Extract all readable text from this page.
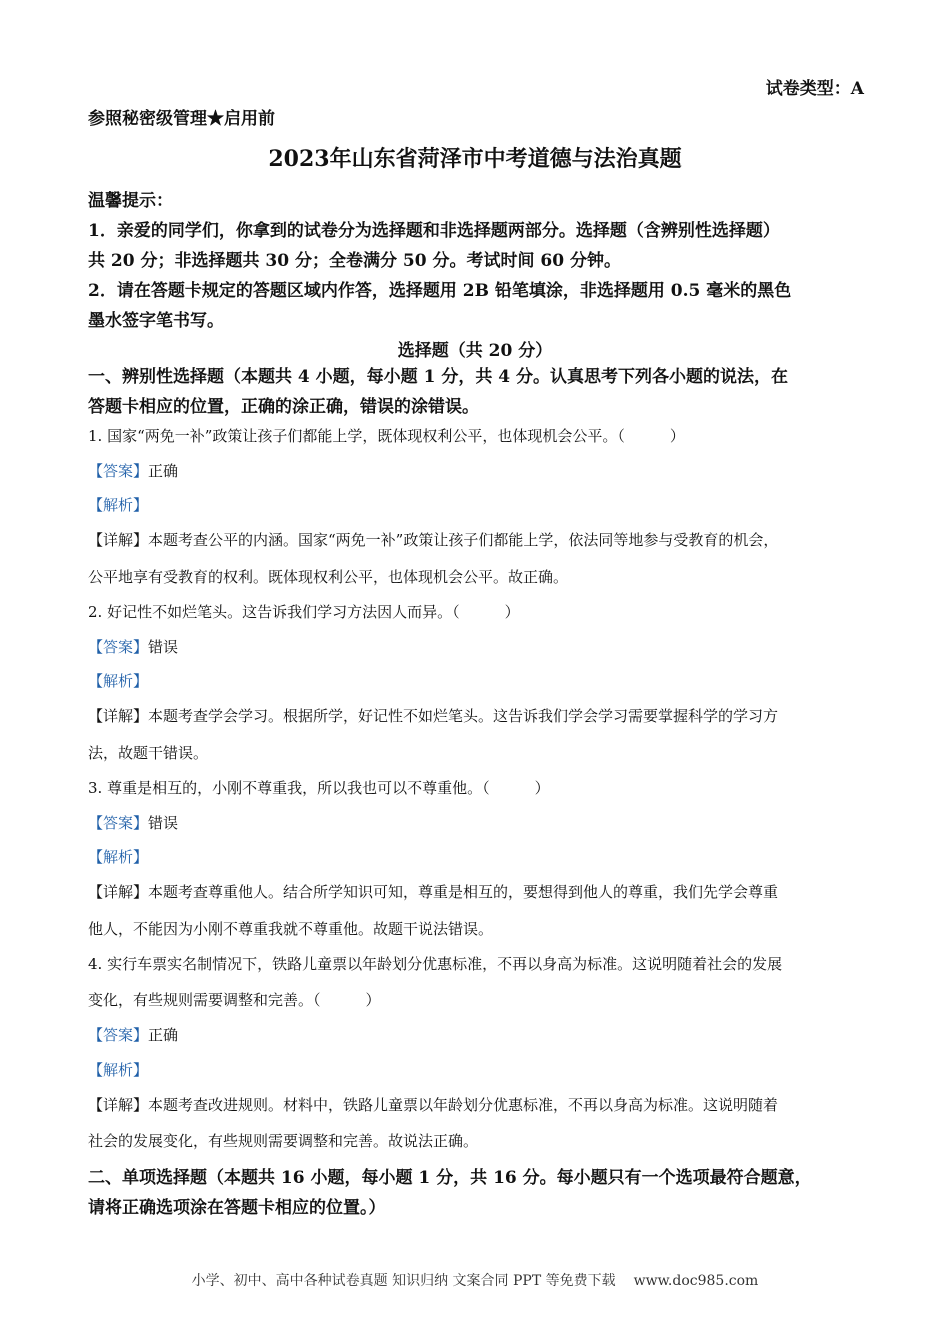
试卷类型：A
参照秘密级管理★启用前
2023年山东省菏泽市中考道德与法治真题

温馨提示：

1．亲爱的同学们，你拿到的试卷分为选择题和非选择题两部分。选择题（含辨别性选择题）

共 20 分；非选择题共 30 分；全卷满分 50 分。考试时间 60 分钟。

2．请在答题卡规定的答题区域内作答，选择题用 2B 铅笔填涂，非选择题用 0.5 毫米的黑色

墨水签字笔书写。

选择题（共 20 分）

一、辨别性选择题（本题共 4 小题，每小题 1 分，共 4 分。认真思考下列各小题的说法，在

答题卡相应的位置，正确的涂正确，错误的涂错误。

1. 国家“两免一补”政策让孩子们都能上学，既体现权利公平，也体现机会公平。（　　　）
【答案】正确
【解析】
【详解】本题考查公平的内涵。国家“两免一补”政策让孩子们都能上学，依法同等地参与受教育的机会，
公平地享有受教育的权利。既体现权利公平，也体现机会公平。故正确。
2. 好记性不如烂笔头。这告诉我们学习方法因人而异。（　　　）
【答案】错误
【解析】
【详解】本题考查学会学习。根据所学，好记性不如烂笔头。这告诉我们学会学习需要掌握科学的学习方
法，故题干错误。
3. 尊重是相互的，小刚不尊重我，所以我也可以不尊重他。（　　　）
【答案】错误
【解析】
【详解】本题考查尊重他人。结合所学知识可知，尊重是相互的，要想得到他人的尊重，我们先学会尊重
他人，不能因为小刚不尊重我就不尊重他。故题干说法错误。
4. 实行车票实名制情况下，铁路儿童票以年龄划分优惠标准，不再以身高为标准。这说明随着社会的发展
变化，有些规则需要调整和完善。（　　　）
【答案】正确
【解析】
【详解】本题考查改进规则。材料中，铁路儿童票以年龄划分优惠标准，不再以身高为标准。这说明随着
社会的发展变化，有些规则需要调整和完善。故说法正确。

二、单项选择题（本题共 16 小题，每小题 1 分，共 16 分。每小题只有一个选项最符合题意，

请将正确选项涂在答题卡相应的位置。）

小学、初中、高中各种试卷真题 知识归纳 文案合同 PPT 等免费下载 www.doc985.com
